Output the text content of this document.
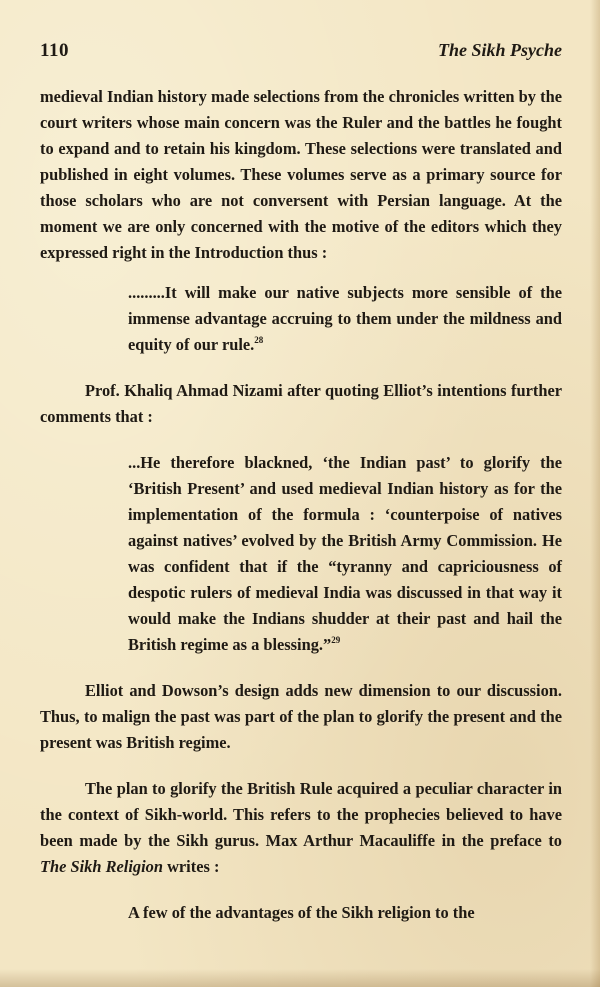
110	The Sikh Psyche

medieval Indian history made selections from the chronicles written by the court writers whose main concern was the Ruler and the battles he fought to expand and to retain his kingdom. These selections were translated and published in eight volumes. These volumes serve as a primary source for those scholars who are not conversent with Persian language. At the moment we are only concerned with the motive of the editors which they expressed right in the Introduction thus :

.........It will make our native subjects more sensible of the immense advantage accruing to them under the mildness and equity of our rule.$^{28}$

Prof. Khaliq Ahmad Nizami after quoting Elliot’s intentions further comments that :

...He therefore blackned, ‘the Indian past’ to glorify the ‘British Present’ and used medieval Indian history as for the implementation of the formula : ‘counterpoise of natives against natives’ evolved by the British Army Commission. He was confident that if the “tyranny and capriciousness of despotic rulers of medieval India was discussed in that way it would make the Indians shudder at their past and hail the British regime as a blessing.”$^{29}$

Elliot and Dowson’s design adds new dimension to our discussion. Thus, to malign the past was part of the plan to glorify the present and the present was British regime.

The plan to glorify the British Rule acquired a peculiar character in the context of Sikh-world. This refers to the prophecies believed to have been made by the Sikh gurus. Max Arthur Macauliffe in the preface to The Sikh Religion writes :

A few of the advantages of the Sikh religion to the
